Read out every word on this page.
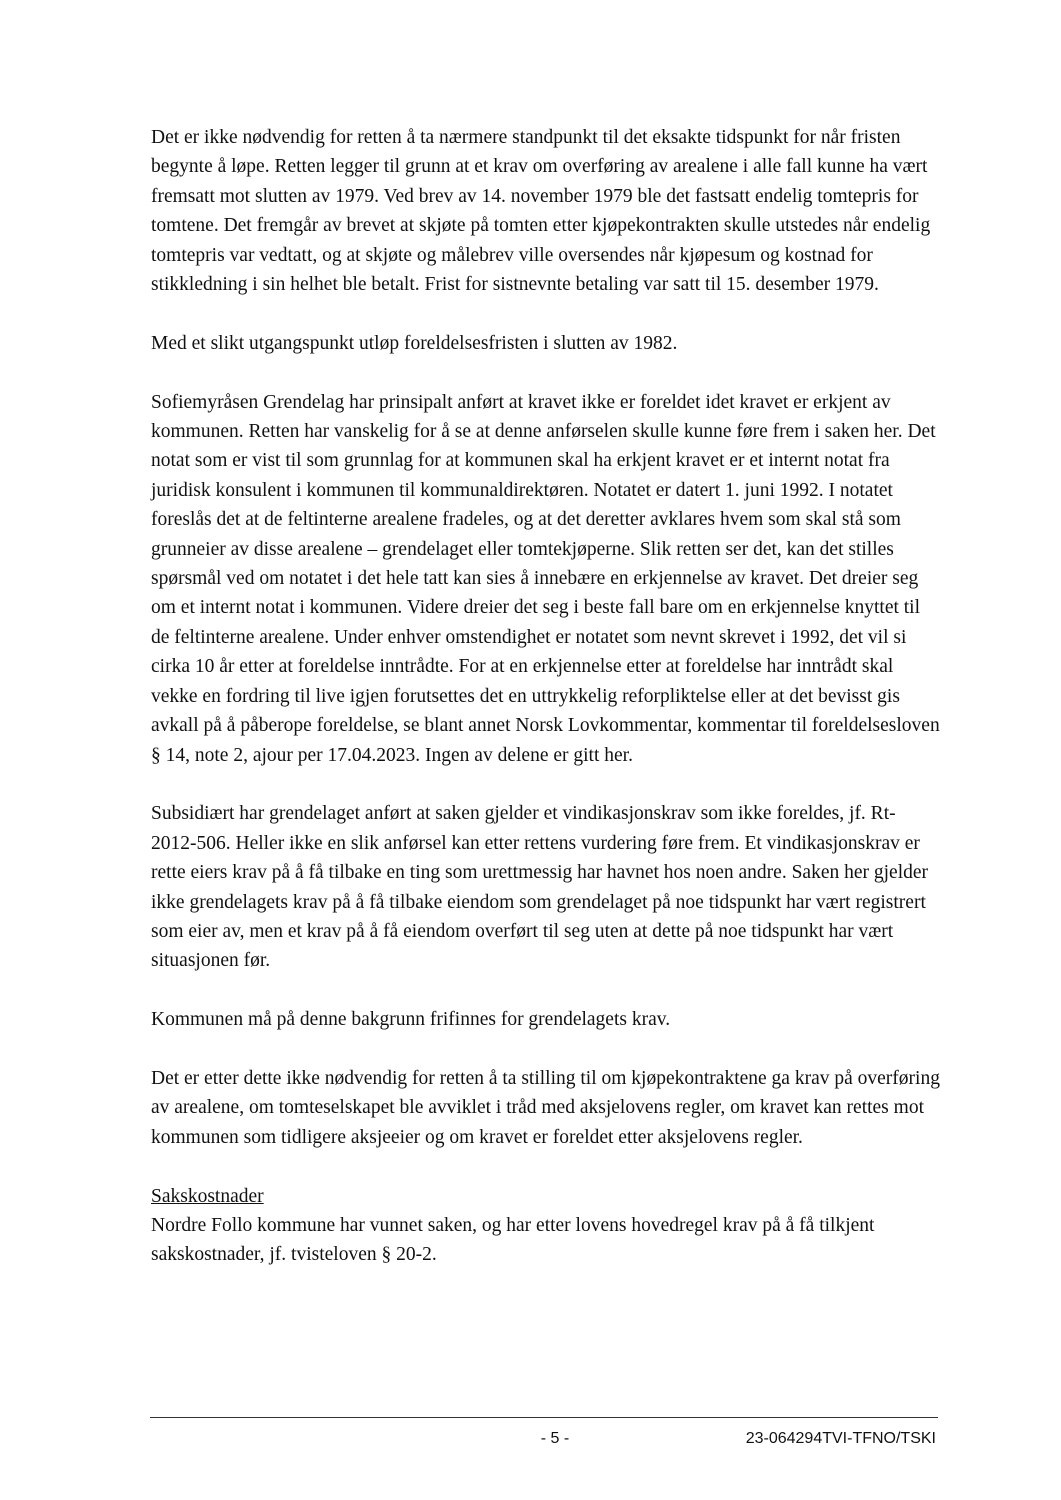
Det er ikke nødvendig for retten å ta nærmere standpunkt til det eksakte tidspunkt for når fristen begynte å løpe. Retten legger til grunn at et krav om overføring av arealene i alle fall kunne ha vært fremsatt mot slutten av 1979. Ved brev av 14. november 1979 ble det fastsatt endelig tomtepris for tomtene. Det fremgår av brevet at skjøte på tomten etter kjøpekontrakten skulle utstedes når endelig tomtepris var vedtatt, og at skjøte og målebrev ville oversendes når kjøpesum og kostnad for stikkledning i sin helhet ble betalt. Frist for sistnevnte betaling var satt til 15. desember 1979.

Med et slikt utgangspunkt utløp foreldelsesfristen i slutten av 1982.

Sofiemyråsen Grendelag har prinsipalt anført at kravet ikke er foreldet idet kravet er erkjent av kommunen. Retten har vanskelig for å se at denne anførselen skulle kunne føre frem i saken her. Det notat som er vist til som grunnlag for at kommunen skal ha erkjent kravet er et internt notat fra juridisk konsulent i kommunen til kommunaldirektøren. Notatet er datert 1. juni 1992. I notatet foreslås det at de feltinterne arealene fradeles, og at det deretter avklares hvem som skal stå som grunneier av disse arealene – grendelaget eller tomtekjøperne. Slik retten ser det, kan det stilles spørsmål ved om notatet i det hele tatt kan sies å innebære en erkjennelse av kravet. Det dreier seg om et internt notat i kommunen. Videre dreier det seg i beste fall bare om en erkjennelse knyttet til de feltinterne arealene. Under enhver omstendighet er notatet som nevnt skrevet i 1992, det vil si cirka 10 år etter at foreldelse inntrådte. For at en erkjennelse etter at foreldelse har inntrådt skal vekke en fordring til live igjen forutsettes det en uttrykkelig reforpliktelse eller at det bevisst gis avkall på å påberope foreldelse, se blant annet Norsk Lovkommentar, kommentar til foreldelsesloven § 14, note 2, ajour per 17.04.2023. Ingen av delene er gitt her.

Subsidiært har grendelaget anført at saken gjelder et vindikasjonskrav som ikke foreldes, jf. Rt-2012-506. Heller ikke en slik anførsel kan etter rettens vurdering føre frem. Et vindikasjonskrav er rette eiers krav på å få tilbake en ting som urettmessig har havnet hos noen andre. Saken her gjelder ikke grendelagets krav på å få tilbake eiendom som grendelaget på noe tidspunkt har vært registrert som eier av, men et krav på å få eiendom overført til seg uten at dette på noe tidspunkt har vært situasjonen før.

Kommunen må på denne bakgrunn frifinnes for grendelagets krav.

Det er etter dette ikke nødvendig for retten å ta stilling til om kjøpekontraktene ga krav på overføring av arealene, om tomteselskapet ble avviklet i tråd med aksjelovens regler, om kravet kan rettes mot kommunen som tidligere aksjeeier og om kravet er foreldet etter aksjelovens regler.

Sakskostnader
Nordre Follo kommune har vunnet saken, og har etter lovens hovedregel krav på å få tilkjent sakskostnader, jf. tvisteloven § 20-2.

- 5 -	23-064294TVI-TFNO/TSKI
